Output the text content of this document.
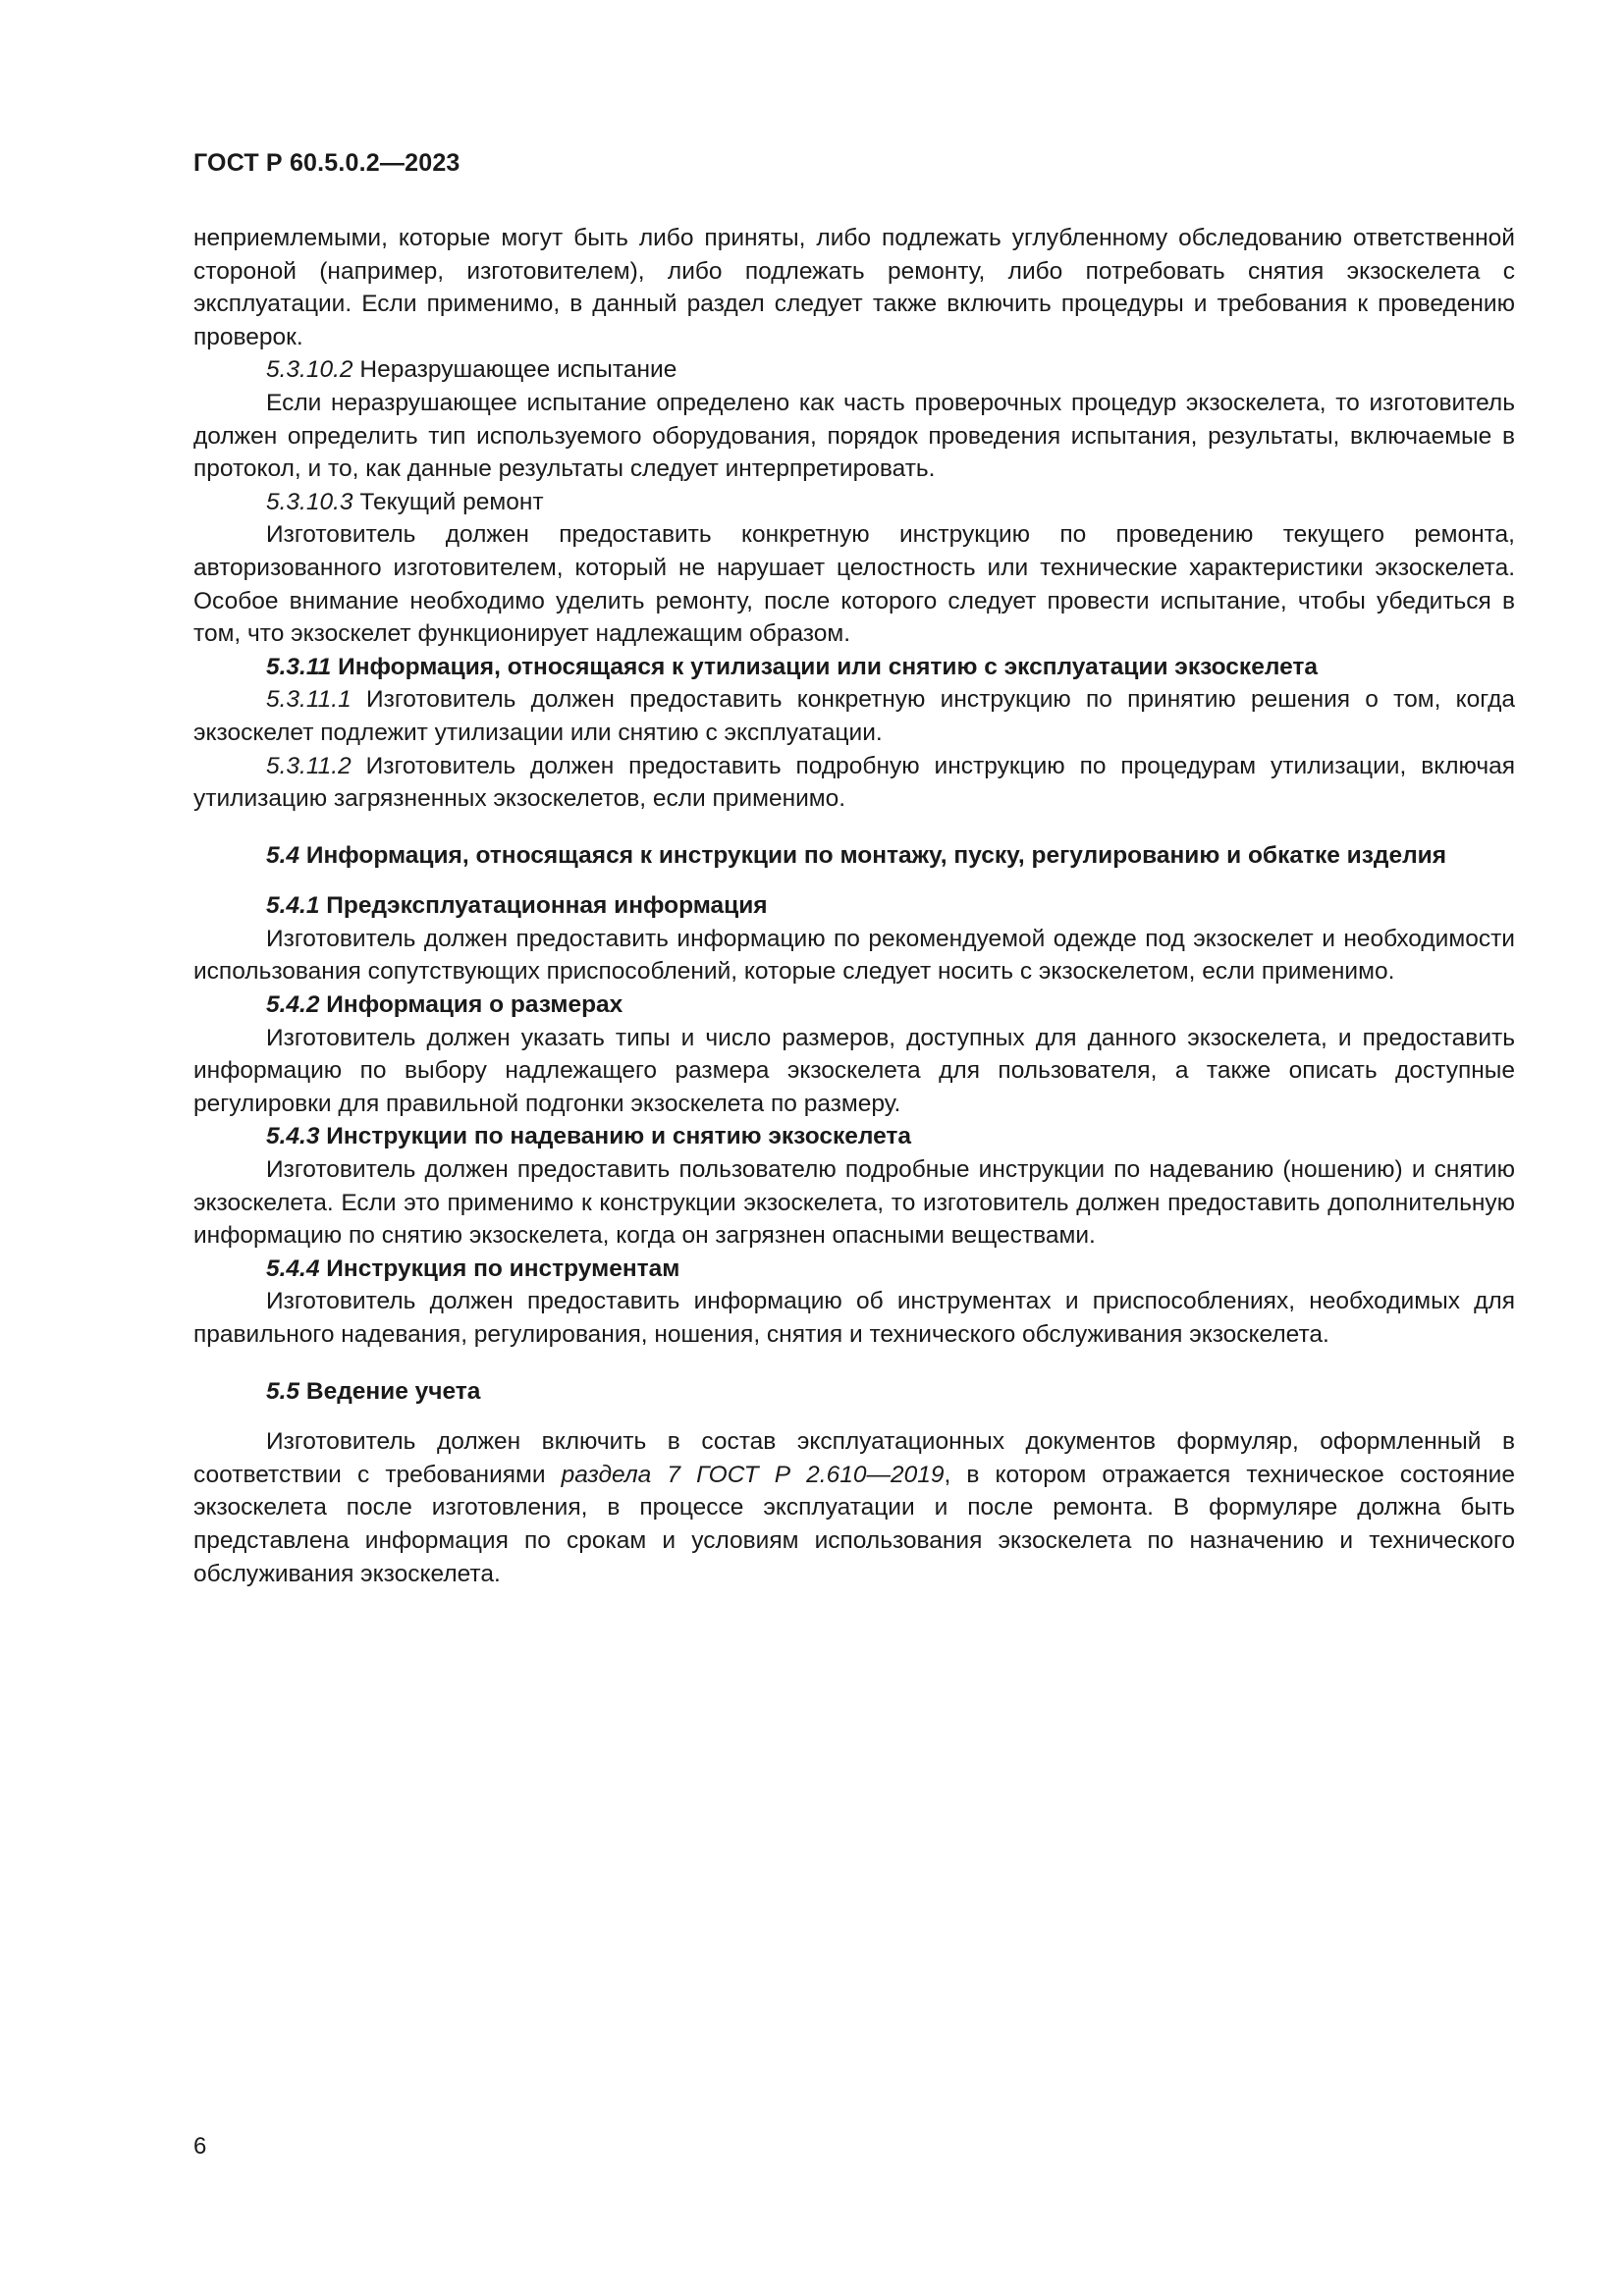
ГОСТ Р 60.5.0.2—2023

неприемлемыми, которые могут быть либо приняты, либо подлежать углубленному обследованию ответственной стороной (например, изготовителем), либо подлежать ремонту, либо потребовать снятия экзоскелета с эксплуатации. Если применимо, в данный раздел следует также включить процедуры и требования к проведению проверок.

5.3.10.2 Неразрушающее испытание

Если неразрушающее испытание определено как часть проверочных процедур экзоскелета, то изготовитель должен определить тип используемого оборудования, порядок проведения испытания, результаты, включаемые в протокол, и то, как данные результаты следует интерпретировать.

5.3.10.3 Текущий ремонт

Изготовитель должен предоставить конкретную инструкцию по проведению текущего ремонта, авторизованного изготовителем, который не нарушает целостность или технические характеристики экзоскелета. Особое внимание необходимо уделить ремонту, после которого следует провести испытание, чтобы убедиться в том, что экзоскелет функционирует надлежащим образом.

5.3.11 Информация, относящаяся к утилизации или снятию с эксплуатации экзоскелета

5.3.11.1 Изготовитель должен предоставить конкретную инструкцию по принятию решения о том, когда экзоскелет подлежит утилизации или снятию с эксплуатации.

5.3.11.2 Изготовитель должен предоставить подробную инструкцию по процедурам утилизации, включая утилизацию загрязненных экзоскелетов, если применимо.

5.4 Информация, относящаяся к инструкции по монтажу, пуску, регулированию и обкатке изделия

5.4.1 Предэксплуатационная информация

Изготовитель должен предоставить информацию по рекомендуемой одежде под экзоскелет и необходимости использования сопутствующих приспособлений, которые следует носить с экзоскелетом, если применимо.

5.4.2 Информация о размерах

Изготовитель должен указать типы и число размеров, доступных для данного экзоскелета, и предоставить информацию по выбору надлежащего размера экзоскелета для пользователя, а также описать доступные регулировки для правильной подгонки экзоскелета по размеру.

5.4.3 Инструкции по надеванию и снятию экзоскелета

Изготовитель должен предоставить пользователю подробные инструкции по надеванию (ношению) и снятию экзоскелета. Если это применимо к конструкции экзоскелета, то изготовитель должен предоставить дополнительную информацию по снятию экзоскелета, когда он загрязнен опасными веществами.

5.4.4 Инструкция по инструментам

Изготовитель должен предоставить информацию об инструментах и приспособлениях, необходимых для правильного надевания, регулирования, ношения, снятия и технического обслуживания экзоскелета.

5.5 Ведение учета

Изготовитель должен включить в состав эксплуатационных документов формуляр, оформленный в соответствии с требованиями раздела 7 ГОСТ Р 2.610—2019, в котором отражается техническое состояние экзоскелета после изготовления, в процессе эксплуатации и после ремонта. В формуляре должна быть представлена информация по срокам и условиям использования экзоскелета по назначению и технического обслуживания экзоскелета.

6
